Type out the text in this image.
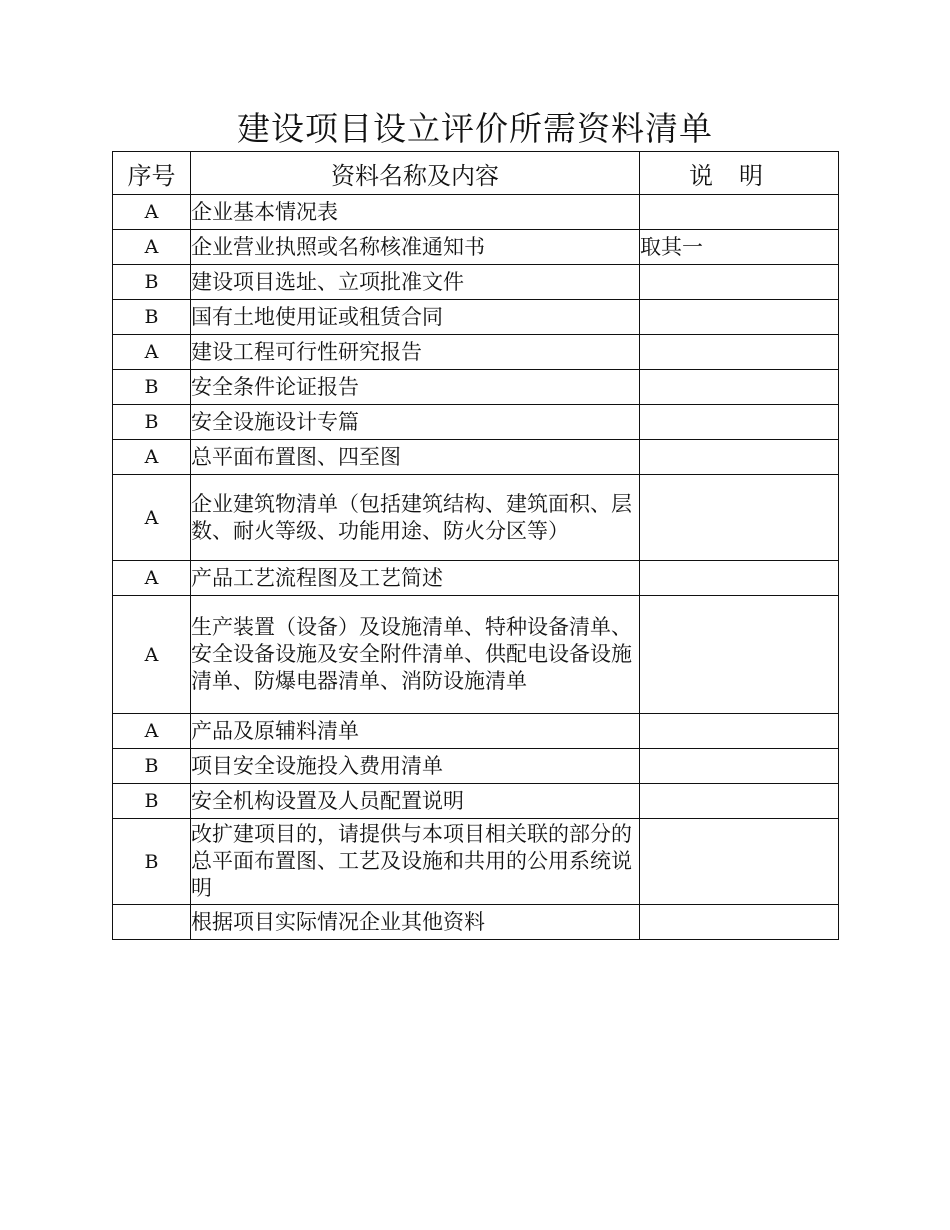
建设项目设立评价所需资料清单
序号	资料名称及内容	说明
A	企业基本情况表	
A	企业营业执照或名称核准通知书	取其一
B	建设项目选址、立项批准文件	
B	国有土地使用证或租赁合同	
A	建设工程可行性研究报告	
B	安全条件论证报告	
B	安全设施设计专篇	
A	总平面布置图、四至图	
A	企业建筑物清单（包括建筑结构、建筑面积、层数、耐火等级、功能用途、防火分区等）	
A	产品工艺流程图及工艺简述	
A	生产装置（设备）及设施清单、特种设备清单、安全设备设施及安全附件清单、供配电设备设施清单、防爆电器清单、消防设施清单	
A	产品及原辅料清单	
B	项目安全设施投入费用清单	
B	安全机构设置及人员配置说明	
B	改扩建项目的，请提供与本项目相关联的部分的总平面布置图、工艺及设施和共用的公用系统说明	
	根据项目实际情况企业其他资料	
